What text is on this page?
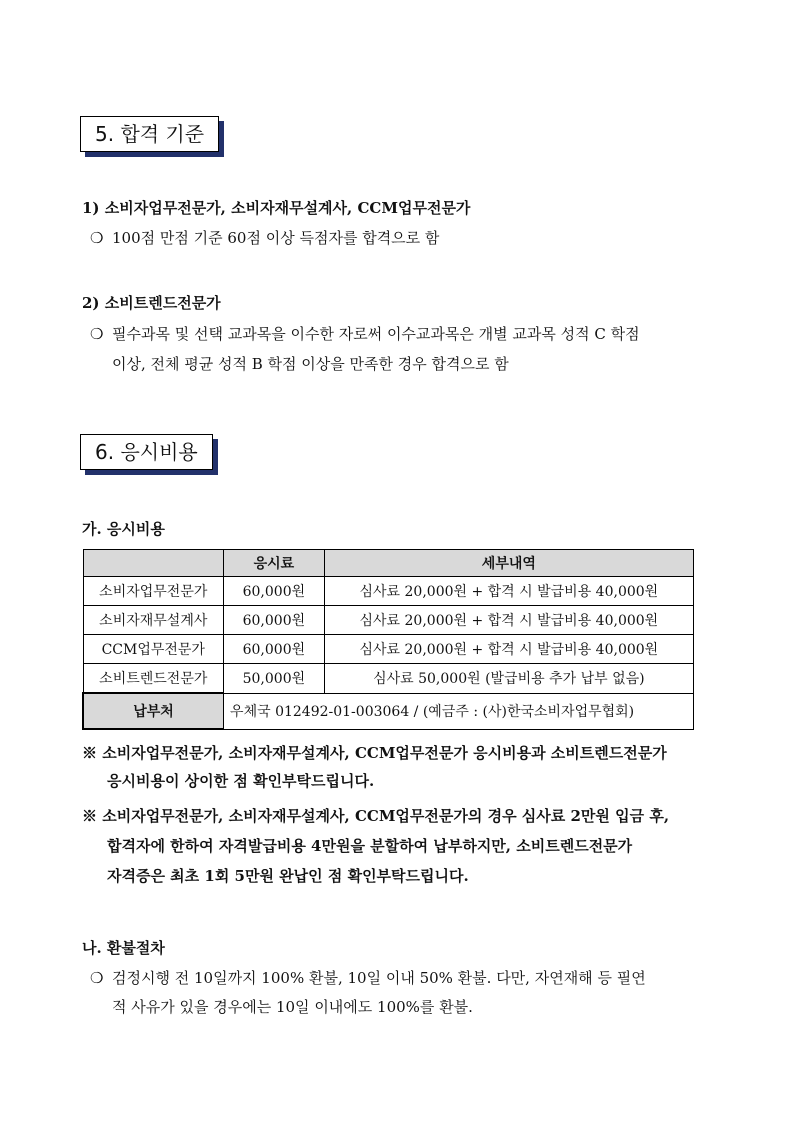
5. 합격 기준
1) 소비자업무전문가, 소비자재무설계사, CCM업무전문가
❍ 100점 만점 기준 60점 이상 득점자를 합격으로 함
2) 소비트렌드전문가
❍ 필수과목 및 선택 교과목을 이수한 자로써 이수교과목은 개별 교과목 성적 C 학점
이상, 전체 평균 성적 B 학점 이상을 만족한 경우 합격으로 함
6. 응시비용
가. 응시비용
	응시료	세부내역
소비자업무전문가	60,000원	심사료 20,000원 + 합격 시 발급비용 40,000원
소비자재무설계사	60,000원	심사료 20,000원 + 합격 시 발급비용 40,000원
CCM업무전문가	60,000원	심사료 20,000원 + 합격 시 발급비용 40,000원
소비트렌드전문가	50,000원	심사료 50,000원 (발급비용 추가 납부 없음)
납부처	우체국 012492-01-003064 / (예금주 : (사)한국소비자업무협회)	
※ 소비자업무전문가, 소비자재무설계사, CCM업무전문가 응시비용과 소비트렌드전문가
응시비용이 상이한 점 확인부탁드립니다.
※ 소비자업무전문가, 소비자재무설계사, CCM업무전문가의 경우 심사료 2만원 입금 후,
합격자에 한하여 자격발급비용 4만원을 분할하여 납부하지만, 소비트렌드전문가
자격증은 최초 1회 5만원 완납인 점 확인부탁드립니다.
나. 환불절차
❍ 검정시행 전 10일까지 100% 환불, 10일 이내 50% 환불. 다만, 자연재해 등 필연
적 사유가 있을 경우에는 10일 이내에도 100%를 환불.
